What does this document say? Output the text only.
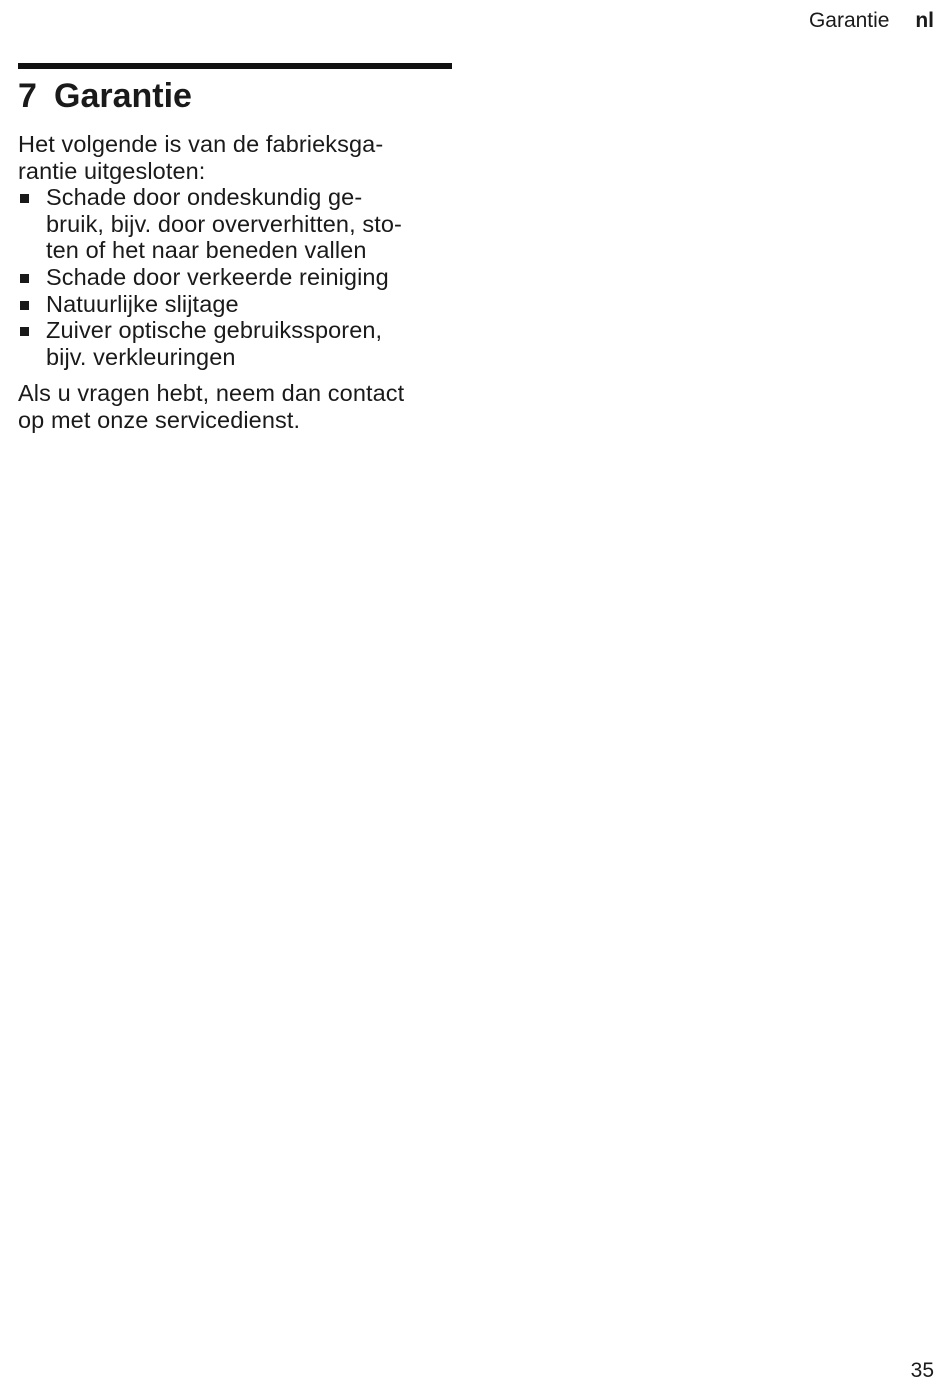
Garantie nl
7 Garantie

Het volgende is van de fabrieksga-
rantie uitgesloten:

Schade door ondeskundig ge-
bruik, bijv. door oververhitten, sto-
ten of het naar beneden vallen
Schade door verkeerde reiniging
Natuurlijke slijtage
Zuiver optische gebruikssporen,
bijv. verkleuringen

Als u vragen hebt, neem dan contact
op met onze servicedienst.

35
